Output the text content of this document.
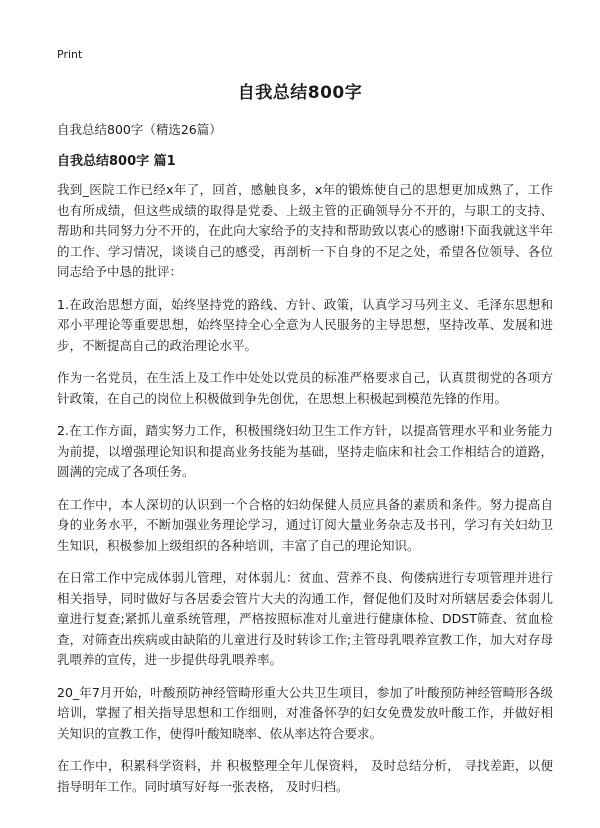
Print
自我总结800字
自我总结800字（精选26篇）
自我总结800字 篇1

我到_医院工作已经x年了，回首，感触良多，x年的锻炼使自己的思想更加成熟了，工作也有所成绩，但这些成绩的取得是党委、上级主管的正确领导分不开的，与职工的支持、帮助和共同努力分不开的，在此向大家给予的支持和帮助致以衷心的感谢!下面我就这半年的工作、学习情况，谈谈自己的感受，再剖析一下自身的不足之处，希望各位领导、各位同志给予中恳的批评：

1.在政治思想方面，始终坚持党的路线、方针、政策，认真学习马列主义、毛泽东思想和邓小平理论等重要思想，始终坚持全心全意为人民服务的主导思想，坚持改革、发展和进步，不断提高自己的政治理论水平。

作为一名党员，在生活上及工作中处处以党员的标准严格要求自己，认真贯彻党的各项方针政策，在自己的岗位上积极做到争先创优，在思想上积极起到模范先锋的作用。

2.在工作方面，踏实努力工作，积极围绕妇幼卫生工作方针，以提高管理水平和业务能力为前提，以增强理论知识和提高业务技能为基础，坚持走临床和社会工作相结合的道路，圆满的完成了各项任务。

在工作中，本人深切的认识到一个合格的妇幼保健人员应具备的素质和条件。努力提高自身的业务水平，不断加强业务理论学习，通过订阅大量业务杂志及书刊，学习有关妇幼卫生知识，积极参加上级组织的各种培训，丰富了自己的理论知识。

在日常工作中完成体弱儿管理，对体弱儿：贫血、营养不良、佝偻病进行专项管理并进行相关指导，同时做好与各居委会管片大夫的沟通工作，督促他们及时对所辖居委会体弱儿童进行复查;紧抓儿童系统管理，严格按照标准对儿童进行健康体检、DDST筛查、贫血检查，对筛查出疾病或由缺陷的儿童进行及时转诊工作;主管母乳喂养宣教工作，加大对存母乳喂养的宣传，进一步提供母乳喂养率。

20_年7月开始，叶酸预防神经管畸形重大公共卫生项目，参加了叶酸预防神经管畸形各级培训，掌握了相关指导思想和工作细则，对准备怀孕的妇女免费发放叶酸工作，并做好相关知识的宣教工作，使得叶酸知晓率、依从率达符合要求。

在工作中，积累科学资料，并 积极整理全年儿保资料， 及时总结分析， 寻找差距，以便指导明年工作。同时填写好每一张表格， 及时归档。
